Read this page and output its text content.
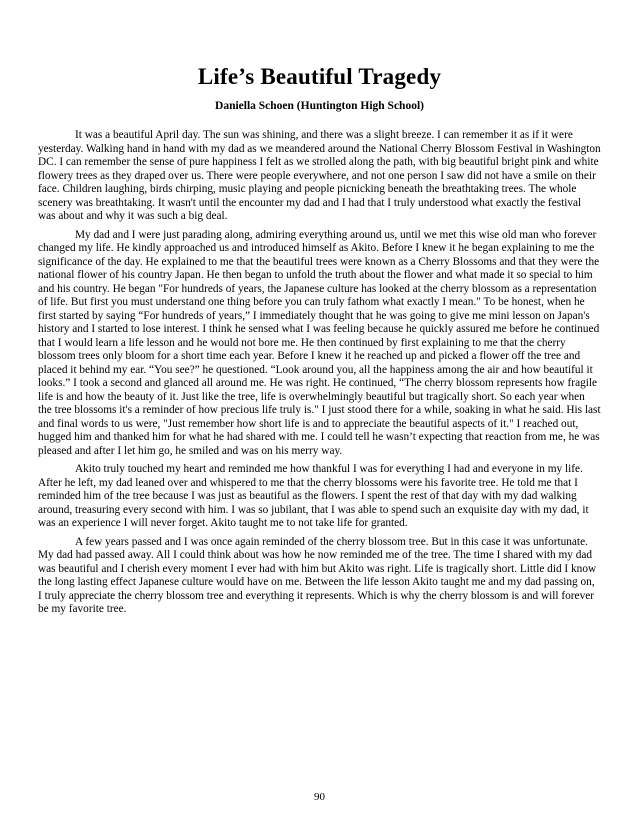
Life’s Beautiful Tragedy
Daniella Schoen (Huntington High School)

It was a beautiful April day. The sun was shining, and there was a slight breeze. I can remember it as if it were yesterday. Walking hand in hand with my dad as we meandered around the National Cherry Blossom Festival in Washington DC. I can remember the sense of pure happiness I felt as we strolled along the path, with big beautiful bright pink and white flowery trees as they draped over us. There were people everywhere, and not one person I saw did not have a smile on their face. Children laughing, birds chirping, music playing and people picnicking beneath the breathtaking trees. The whole scenery was breathtaking. It wasn't until the encounter my dad and I had that I truly understood what exactly the festival was about and why it was such a big deal.

My dad and I were just parading along, admiring everything around us, until we met this wise old man who forever changed my life. He kindly approached us and introduced himself as Akito. Before I knew it he began explaining to me the significance of the day. He explained to me that the beautiful trees were known as a Cherry Blossoms and that they were the national flower of his country Japan. He then began to unfold the truth about the flower and what made it so special to him and his country. He began "For hundreds of years, the Japanese culture has looked at the cherry blossom as a representation of life. But first you must understand one thing before you can truly fathom what exactly I mean." To be honest, when he first started by saying “For hundreds of years,” I immediately thought that he was going to give me mini lesson on Japan's history and I started to lose interest. I think he sensed what I was feeling because he quickly assured me before he continued that I would learn a life lesson and he would not bore me. He then continued by first explaining to me that the cherry blossom trees only bloom for a short time each year. Before I knew it he reached up and picked a flower off the tree and placed it behind my ear. “You see?” he questioned. “Look around you, all the happiness among the air and how beautiful it looks.” I took a second and glanced all around me. He was right. He continued, “The cherry blossom represents how fragile life is and how the beauty of it. Just like the tree, life is overwhelmingly beautiful but tragically short. So each year when the tree blossoms it's a reminder of how precious life truly is." I just stood there for a while, soaking in what he said. His last and final words to us were, "Just remember how short life is and to appreciate the beautiful aspects of it." I reached out, hugged him and thanked him for what he had shared with me. I could tell he wasn’t expecting that reaction from me, he was pleased and after I let him go, he smiled and was on his merry way.

Akito truly touched my heart and reminded me how thankful I was for everything I had and everyone in my life. After he left, my dad leaned over and whispered to me that the cherry blossoms were his favorite tree. He told me that I reminded him of the tree because I was just as beautiful as the flowers. I spent the rest of that day with my dad walking around, treasuring every second with him. I was so jubilant, that I was able to spend such an exquisite day with my dad, it was an experience I will never forget. Akito taught me to not take life for granted.

A few years passed and I was once again reminded of the cherry blossom tree. But in this case it was unfortunate. My dad had passed away. All I could think about was how he now reminded me of the tree. The time I shared with my dad was beautiful and I cherish every moment I ever had with him but Akito was right. Life is tragically short. Little did I know the long lasting effect Japanese culture would have on me. Between the life lesson Akito taught me and my dad passing on, I truly appreciate the cherry blossom tree and everything it represents. Which is why the cherry blossom is and will forever be my favorite tree.

90
